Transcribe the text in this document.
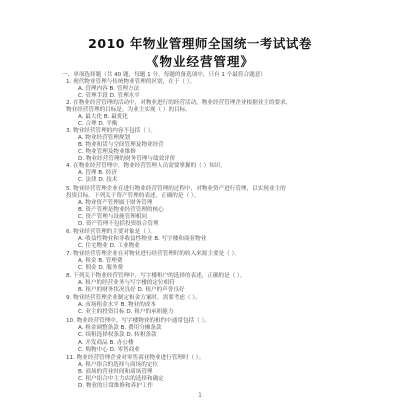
2010 年物业管理师全国统一考试试卷
《物业经营管理》
一、单项选择题（共 40 题，每题 1 分。每题的备选项中，只有 1 个最符合题意）
1. 现代物业管理与传统物业管理的区别，在于（ ）。
A. 管理内容 B. 管理方法
C. 管理手段 D. 管理水平
2. 在物业经营管理的活动中，对物业进行的经营活动，物业经营管理企业根据业主的要求，
物业经营管理的目标是，为业主实现（ ）的目标。
A. 最大化 B. 最优化
C. 合理 D. 平衡
3. 物业经营管理的内容不包括（ ）。
A. 物业经营管理规划
B. 物业租赁与空间管理及物业经营
C. 物业管理及物业维修
D. 物业经营管理的财务管理与绩效评价
4. 在物业经营管理中，物业经营管理人员需要掌握的（ ）知识。
A. 管理 B. 经济
C. 法律 D. 技术
5. 物业经营管理企业在进行物业经营管理的过程中，对物业资产进行管理，以实现业主的
投资目标。下列关于资产管理的表述，正确的是（ ）。
A. 物业资产管理属于财务管理
B. 资产管理是物业经营管理的核心
C. 资产管理与设施管理相同
D. 资产管理不包括投资组合管理
6. 物业经营管理的主要对象是（ ）。
A. 收益性物业和非收益性物业 B. 写字楼和商业物业
C. 住宅物业 D. 工业物业
7. 物业经营管理企业在对物业进行经营管理时的收入来源主要是（ ）。
A. 租金 B. 管理费
C. 佣金 D. 服务费
8. 下列关于物业经营管理中，写字楼租户的选择的表述，正确的是（ ）。
A. 租户的经营业务与写字楼的定位相符
B. 租户的财务状况良好 D. 租户的声誉良好
9. 物业经营管理企业制定租金方案时，需要考虑（ ）。
A. 市场租金水平 B. 物业的成本
C. 业主的投资目标 D. 租户的承租能力
10. 物业经营管理中，写字楼物业的租约中通常包括（ ）。
A. 租金调整条款 B. 费用分摊条款
C. 续租选择权条款 D. 转租条款
A. 开发商品 B. 办公楼
C. 购物中心 D. 零售商业
11. 物业经营管理企业对零售商业物业进行管理时（ ）。
A. 租户组合的选择与商场的定位
B. 商场的营业时间和商场管理
C. 租户组合中主力店的选择和确定
D. 物业的日常维修和养护工作
1
